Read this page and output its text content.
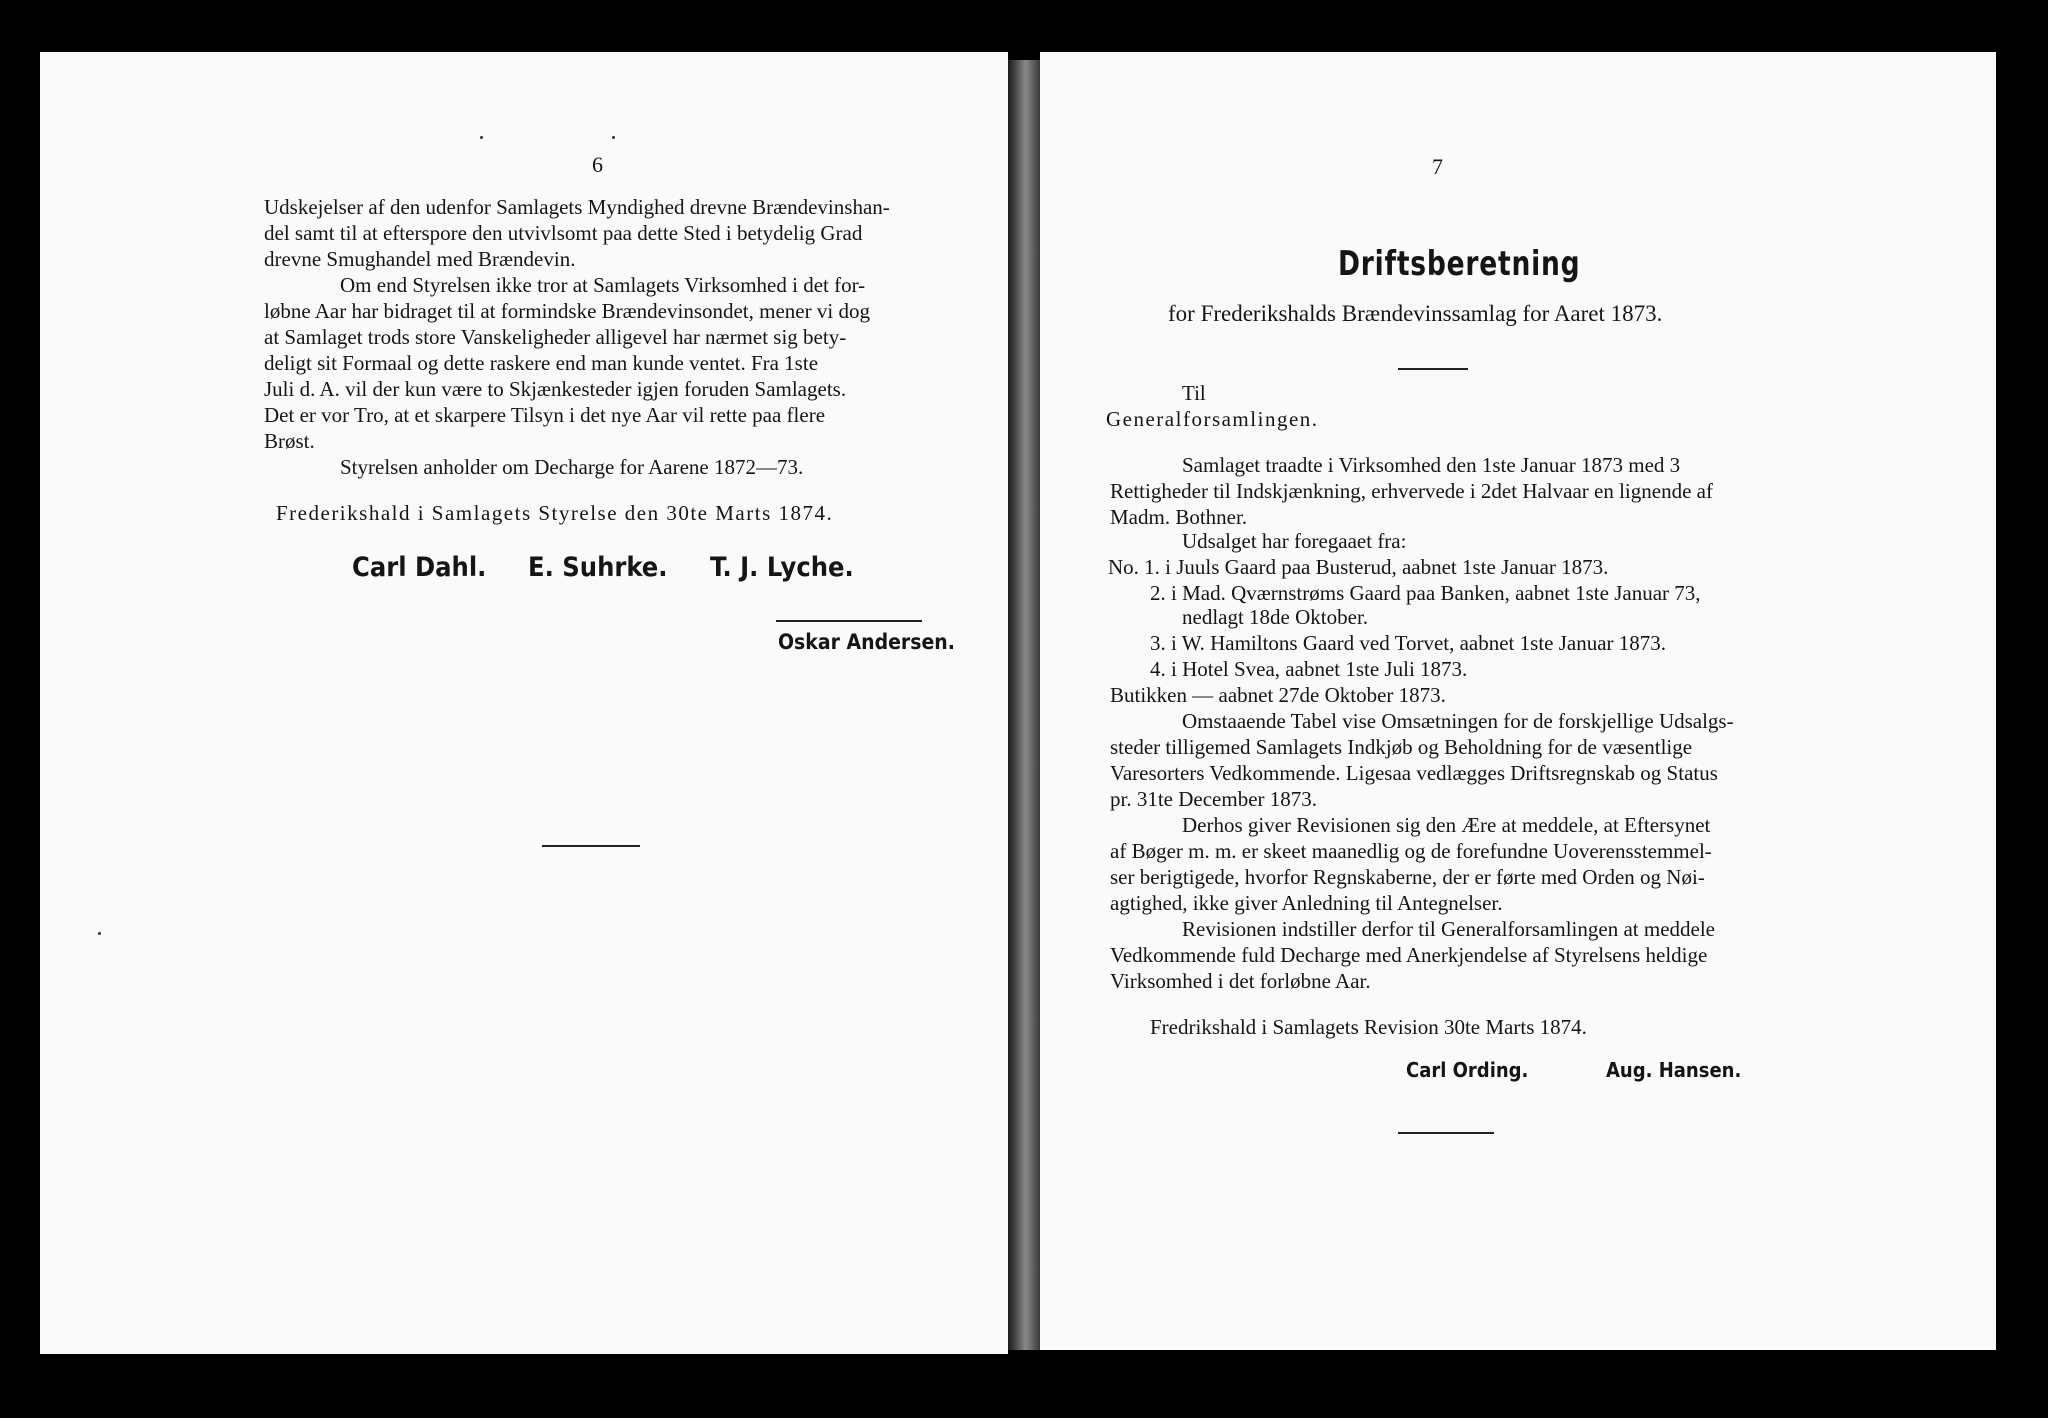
6
Udskejelser af den udenfor Samlagets Myndighed drevne Brændevinshan-
del samt til at efterspore den utvivlsomt paa dette Sted i betydelig Grad
drevne Smughandel med Brændevin.
Om end Styrelsen ikke tror at Samlagets Virksomhed i det for-
løbne Aar har bidraget til at formindske Brændevinsondet, mener vi dog
at Samlaget trods store Vanskeligheder alligevel har nærmet sig bety-
deligt sit Formaal og dette raskere end man kunde ventet. Fra 1ste
Juli d. A. vil der kun være to Skjænkesteder igjen foruden Samlagets.
Det er vor Tro, at et skarpere Tilsyn i det nye Aar vil rette paa flere
Brøst.
Styrelsen anholder om Decharge for Aarene 1872—73.
Frederikshald i Samlagets Styrelse den 30te Marts 1874.
Carl Dahl. E. Suhrke. T. J. Lyche.
Oskar Andersen.
7
Driftsberetning
for Frederikshalds Brændevinssamlag for Aaret 1873.
Til
Generalforsamlingen.
Samlaget traadte i Virksomhed den 1ste Januar 1873 med 3
Rettigheder til Indskjænkning, erhvervede i 2det Halvaar en lignende af
Madm. Bothner.
Udsalget har foregaaet fra:
No. 1. i Juuls Gaard paa Busterud, aabnet 1ste Januar 1873.
2. i Mad. Qværnstrøms Gaard paa Banken, aabnet 1ste Januar 73,
nedlagt 18de Oktober.
3. i W. Hamiltons Gaard ved Torvet, aabnet 1ste Januar 1873.
4. i Hotel Svea, aabnet 1ste Juli 1873.
Butikken — aabnet 27de Oktober 1873.
Omstaaende Tabel vise Omsætningen for de forskjellige Udsalgs-
steder tilligemed Samlagets Indkjøb og Beholdning for de væsentlige
Varesorters Vedkommende. Ligesaa vedlægges Driftsregnskab og Status
pr. 31te December 1873.
Derhos giver Revisionen sig den Ære at meddele, at Eftersynet
af Bøger m. m. er skeet maanedlig og de forefundne Uoverensstemmel-
ser berigtigede, hvorfor Regnskaberne, der er førte med Orden og Nøi-
agtighed, ikke giver Anledning til Antegnelser.
Revisionen indstiller derfor til Generalforsamlingen at meddele
Vedkommende fuld Decharge med Anerkjendelse af Styrelsens heldige
Virksomhed i det forløbne Aar.
Fredrikshald i Samlagets Revision 30te Marts 1874.
Carl Ording.	Aug. Hansen.
